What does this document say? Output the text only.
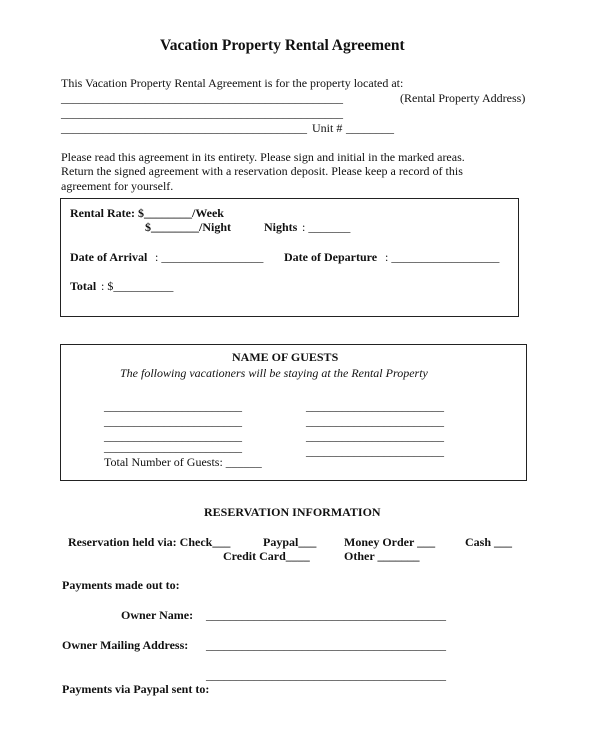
Vacation Property Rental Agreement
This Vacation Property Rental Agreement is for the property located at:
_______________________________________________	(Rental Property Address)
_______________________________________________
_________________________________________ Unit # ________
Please read this agreement in its entirety. Please sign and initial in the marked areas.
Return the signed agreement with a reservation deposit. Please keep a record of this
agreement for yourself.
Rental Rate: $________/Week
$________/Night	Nights : _______
Date of Arrival : _________________ Date of Departure : __________________
Total : $__________
NAME OF GUESTS
The following vacationers will be staying at the Rental Property
_______________________	_______________________
_______________________	_______________________
_______________________	_______________________
_______________________	_______________________
Total Number of Guests: ______
RESERVATION INFORMATION
Reservation held via: Check___	Paypal___ Money Order ___ Cash ___
Credit Card____	Other _______
Payments made out to:
Owner Name: ________________________________________
Owner Mailing Address: ________________________________________
________________________________________
Payments via Paypal sent to:
